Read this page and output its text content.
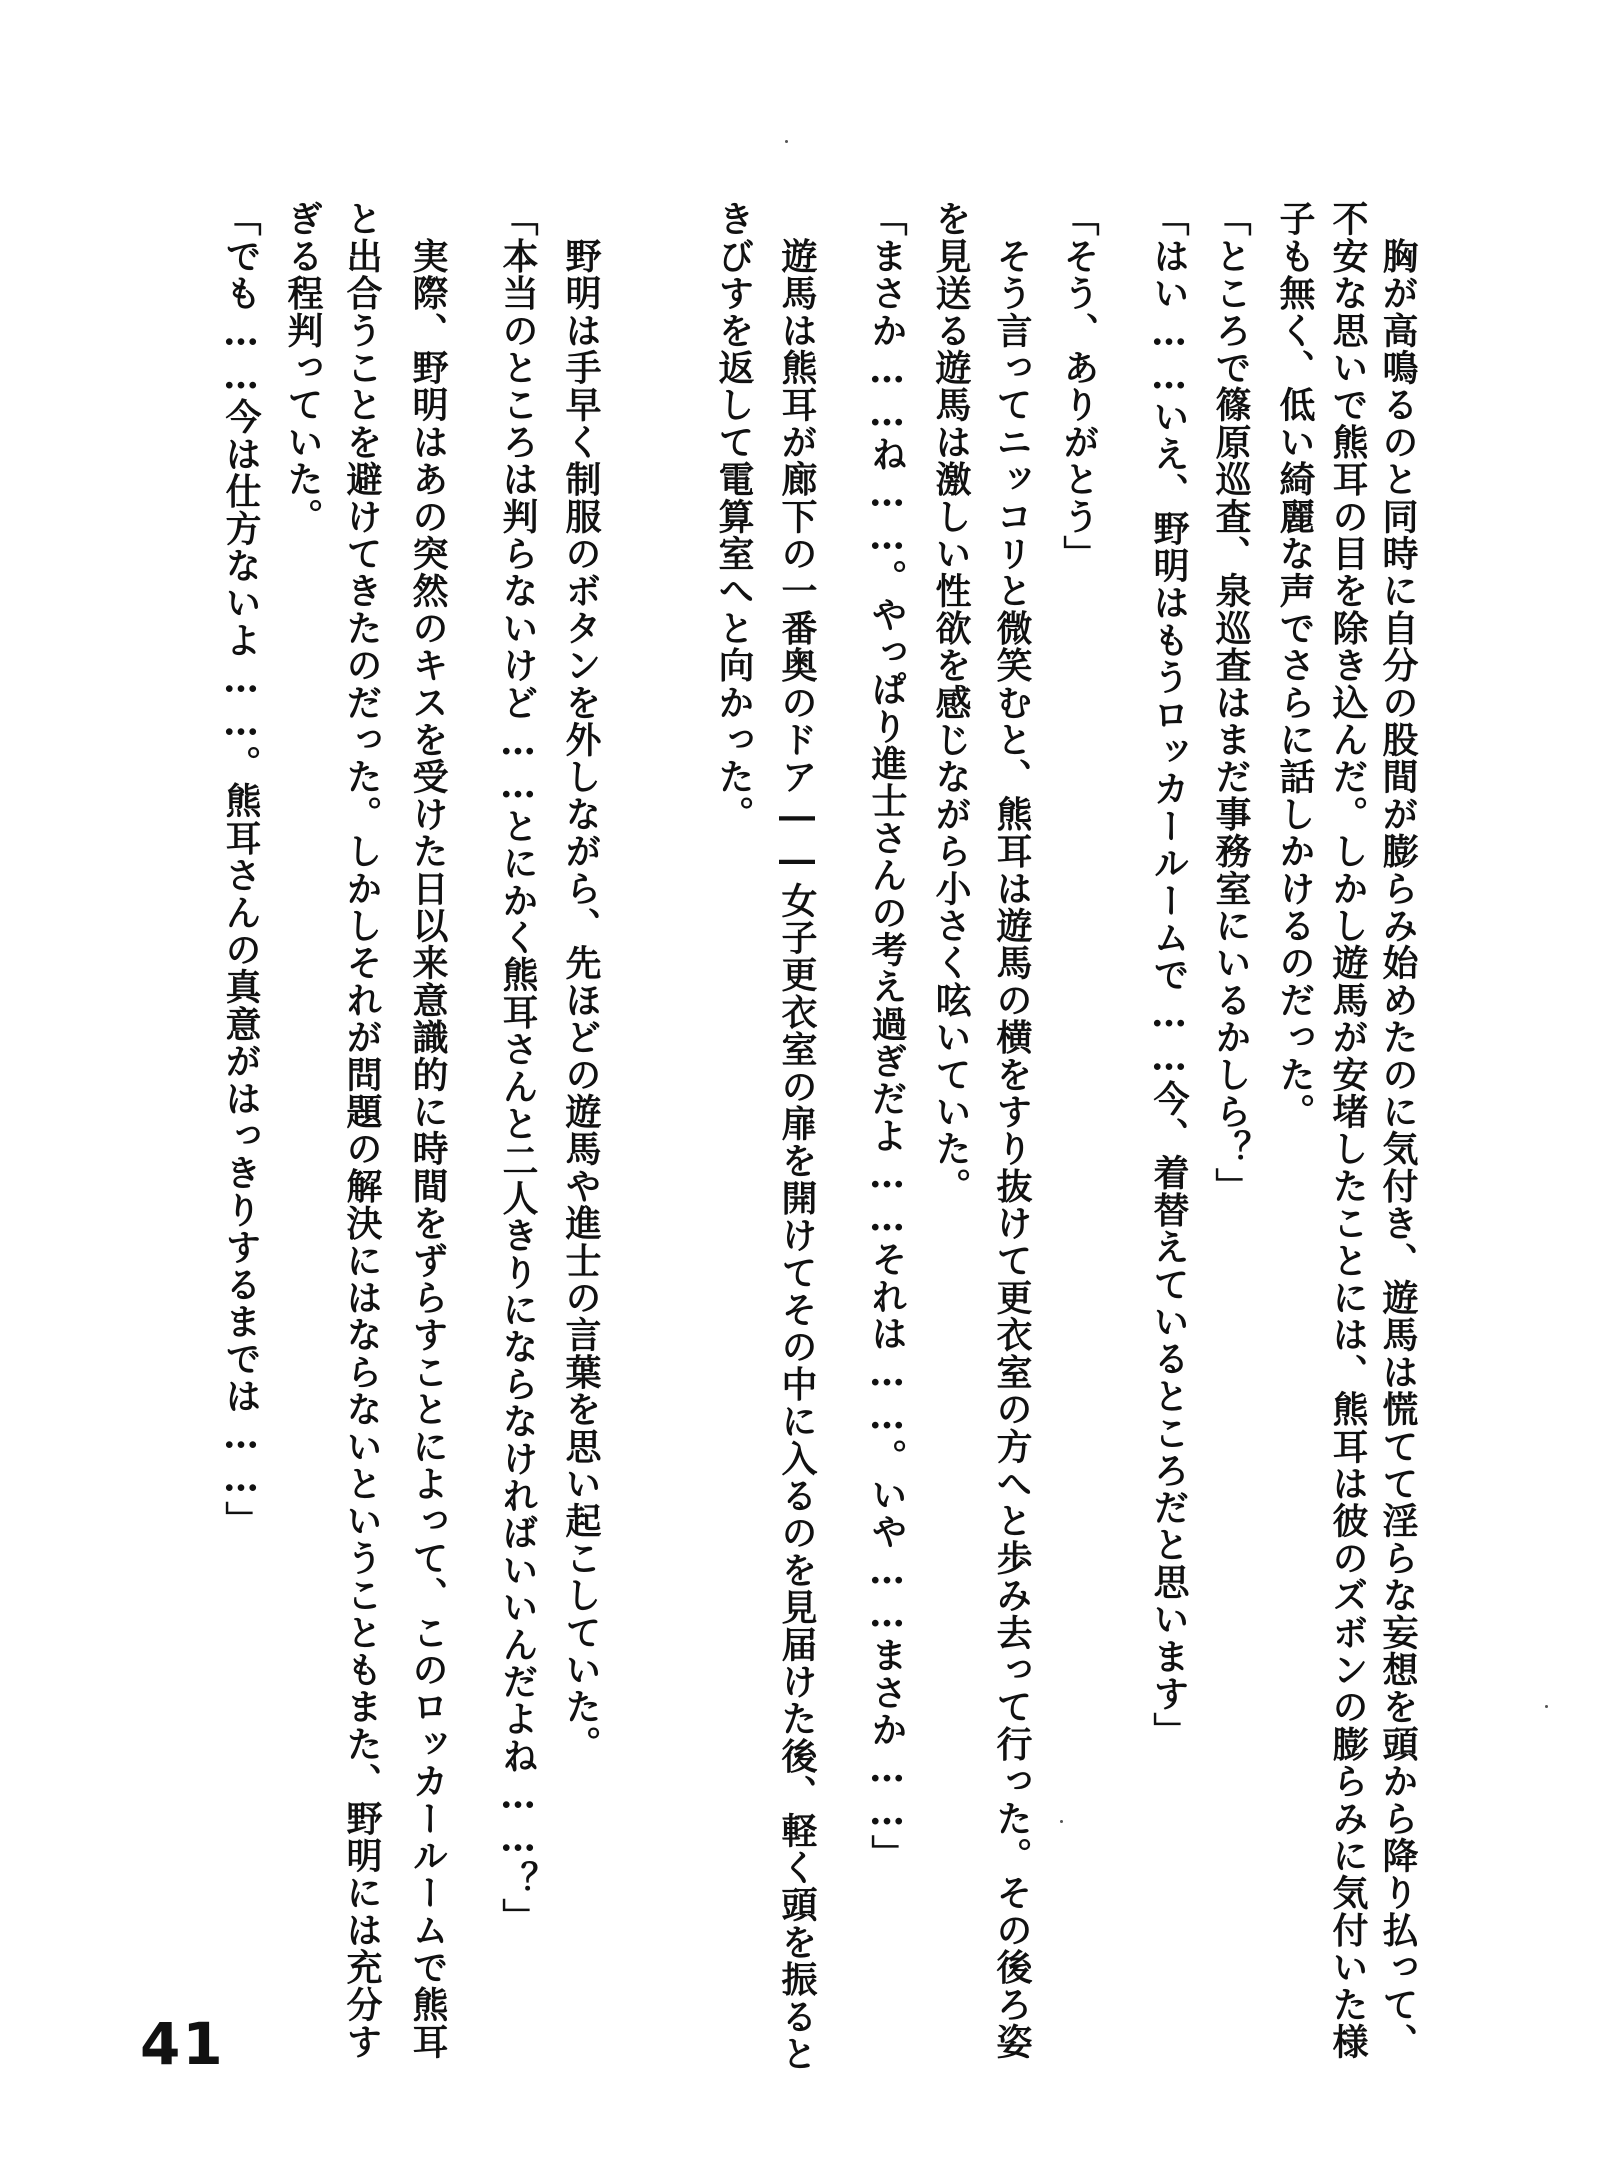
　胸が高鳴るのと同時に自分の股間が膨らみ始めたのに気付き、遊馬は慌てて淫らな妄想を頭から降り払って、
不安な思いで熊耳の目を除き込んだ。しかし遊馬が安堵したことには、熊耳は彼のズボンの膨らみに気付いた様
子も無く、低い綺麗な声でさらに話しかけるのだった。
「ところで篠原巡査、泉巡査はまだ事務室にいるかしら？」
「はい……いえ、野明はもうロッカールームで……今、着替えているところだと思います」
「そう、ありがとう」
　そう言ってニッコリと微笑むと、熊耳は遊馬の横をすり抜けて更衣室の方へと歩み去って行った。その後ろ姿
を見送る遊馬は激しい性欲を感じながら小さく呟いていた。
「まさか……ね……。やっぱり進士さんの考え過ぎだよ……それは……。いや……まさか……」
　遊馬は熊耳が廊下の一番奥のドア――女子更衣室の扉を開けてその中に入るのを見届けた後、軽く頭を振ると
きびすを返して電算室へと向かった。
　野明は手早く制服のボタンを外しながら、先ほどの遊馬や進士の言葉を思い起こしていた。
「本当のところは判らないけど……とにかく熊耳さんと二人きりにならなければいいんだよね……？」
　実際、野明はあの突然のキスを受けた日以来意識的に時間をずらすことによって、このロッカールームで熊耳
と出合うことを避けてきたのだった。しかしそれが問題の解決にはならないということもまた、野明には充分す
ぎる程判っていた。
「でも……今は仕方ないよ……。熊耳さんの真意がはっきりするまでは……」
41
